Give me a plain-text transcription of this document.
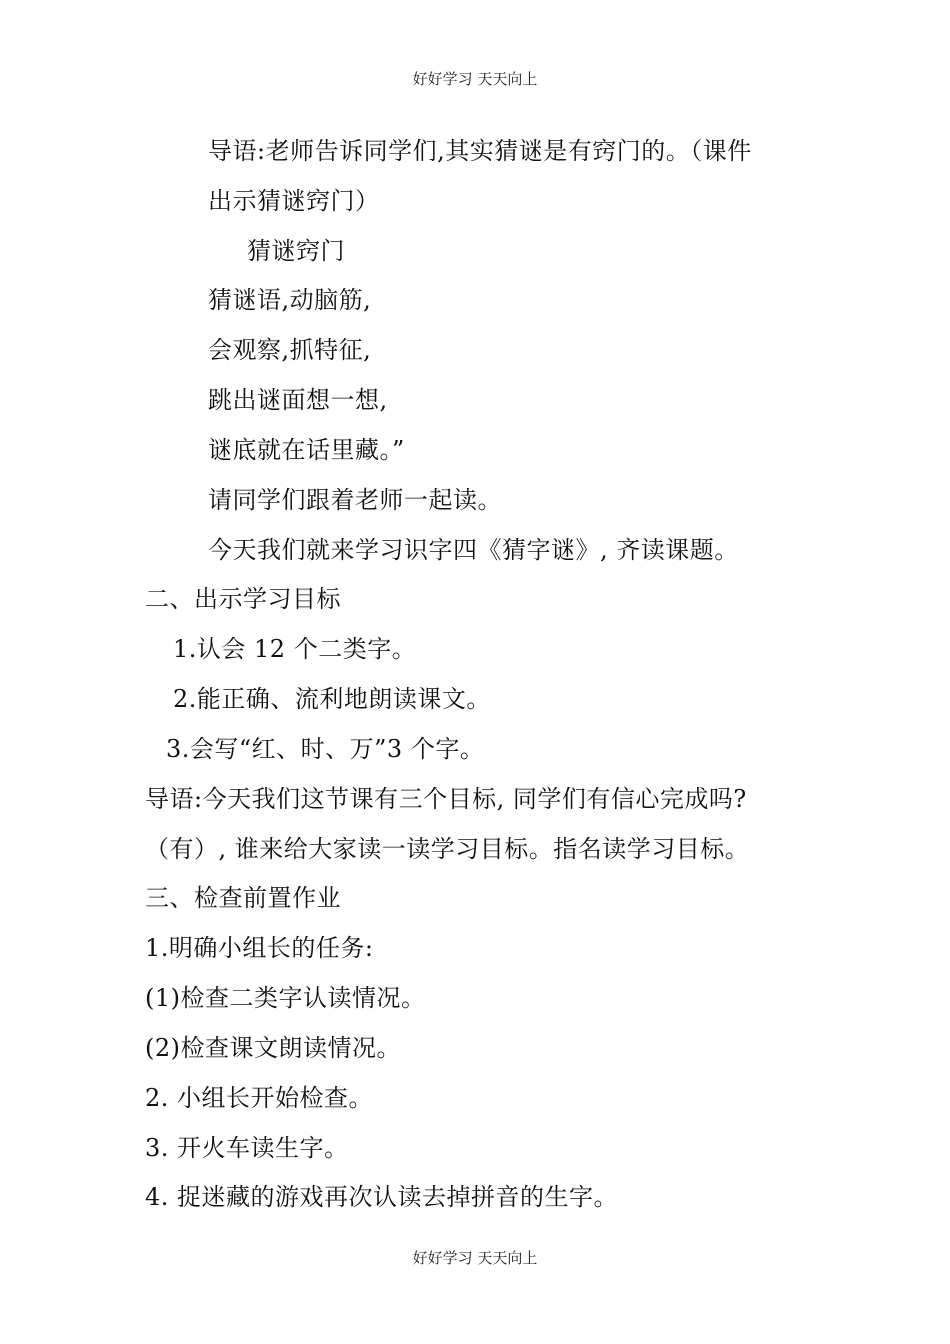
好好学习 天天向上
导语:老师告诉同学们,其实猜谜是有窍门的。（课件
出示猜谜窍门）
猜谜窍门
猜谜语,动脑筋,
会观察,抓特征,
跳出谜面想一想,
谜底就在话里藏。”
请同学们跟着老师一起读。
今天我们就来学习识字四《猜字谜》, 齐读课题。
二、出示学习目标
1.认会 12 个二类字。
2.能正确、流利地朗读课文。
3.会写“红、时、万”3 个字。
导语:今天我们这节课有三个目标, 同学们有信心完成吗?
（有）, 谁来给大家读一读学习目标。指名读学习目标。
三、检查前置作业
1.明确小组长的任务:
(1)检查二类字认读情况。
(2)检查课文朗读情况。
2. 小组长开始检查。
3. 开火车读生字。
4. 捉迷藏的游戏再次认读去掉拼音的生字。
好好学习 天天向上
